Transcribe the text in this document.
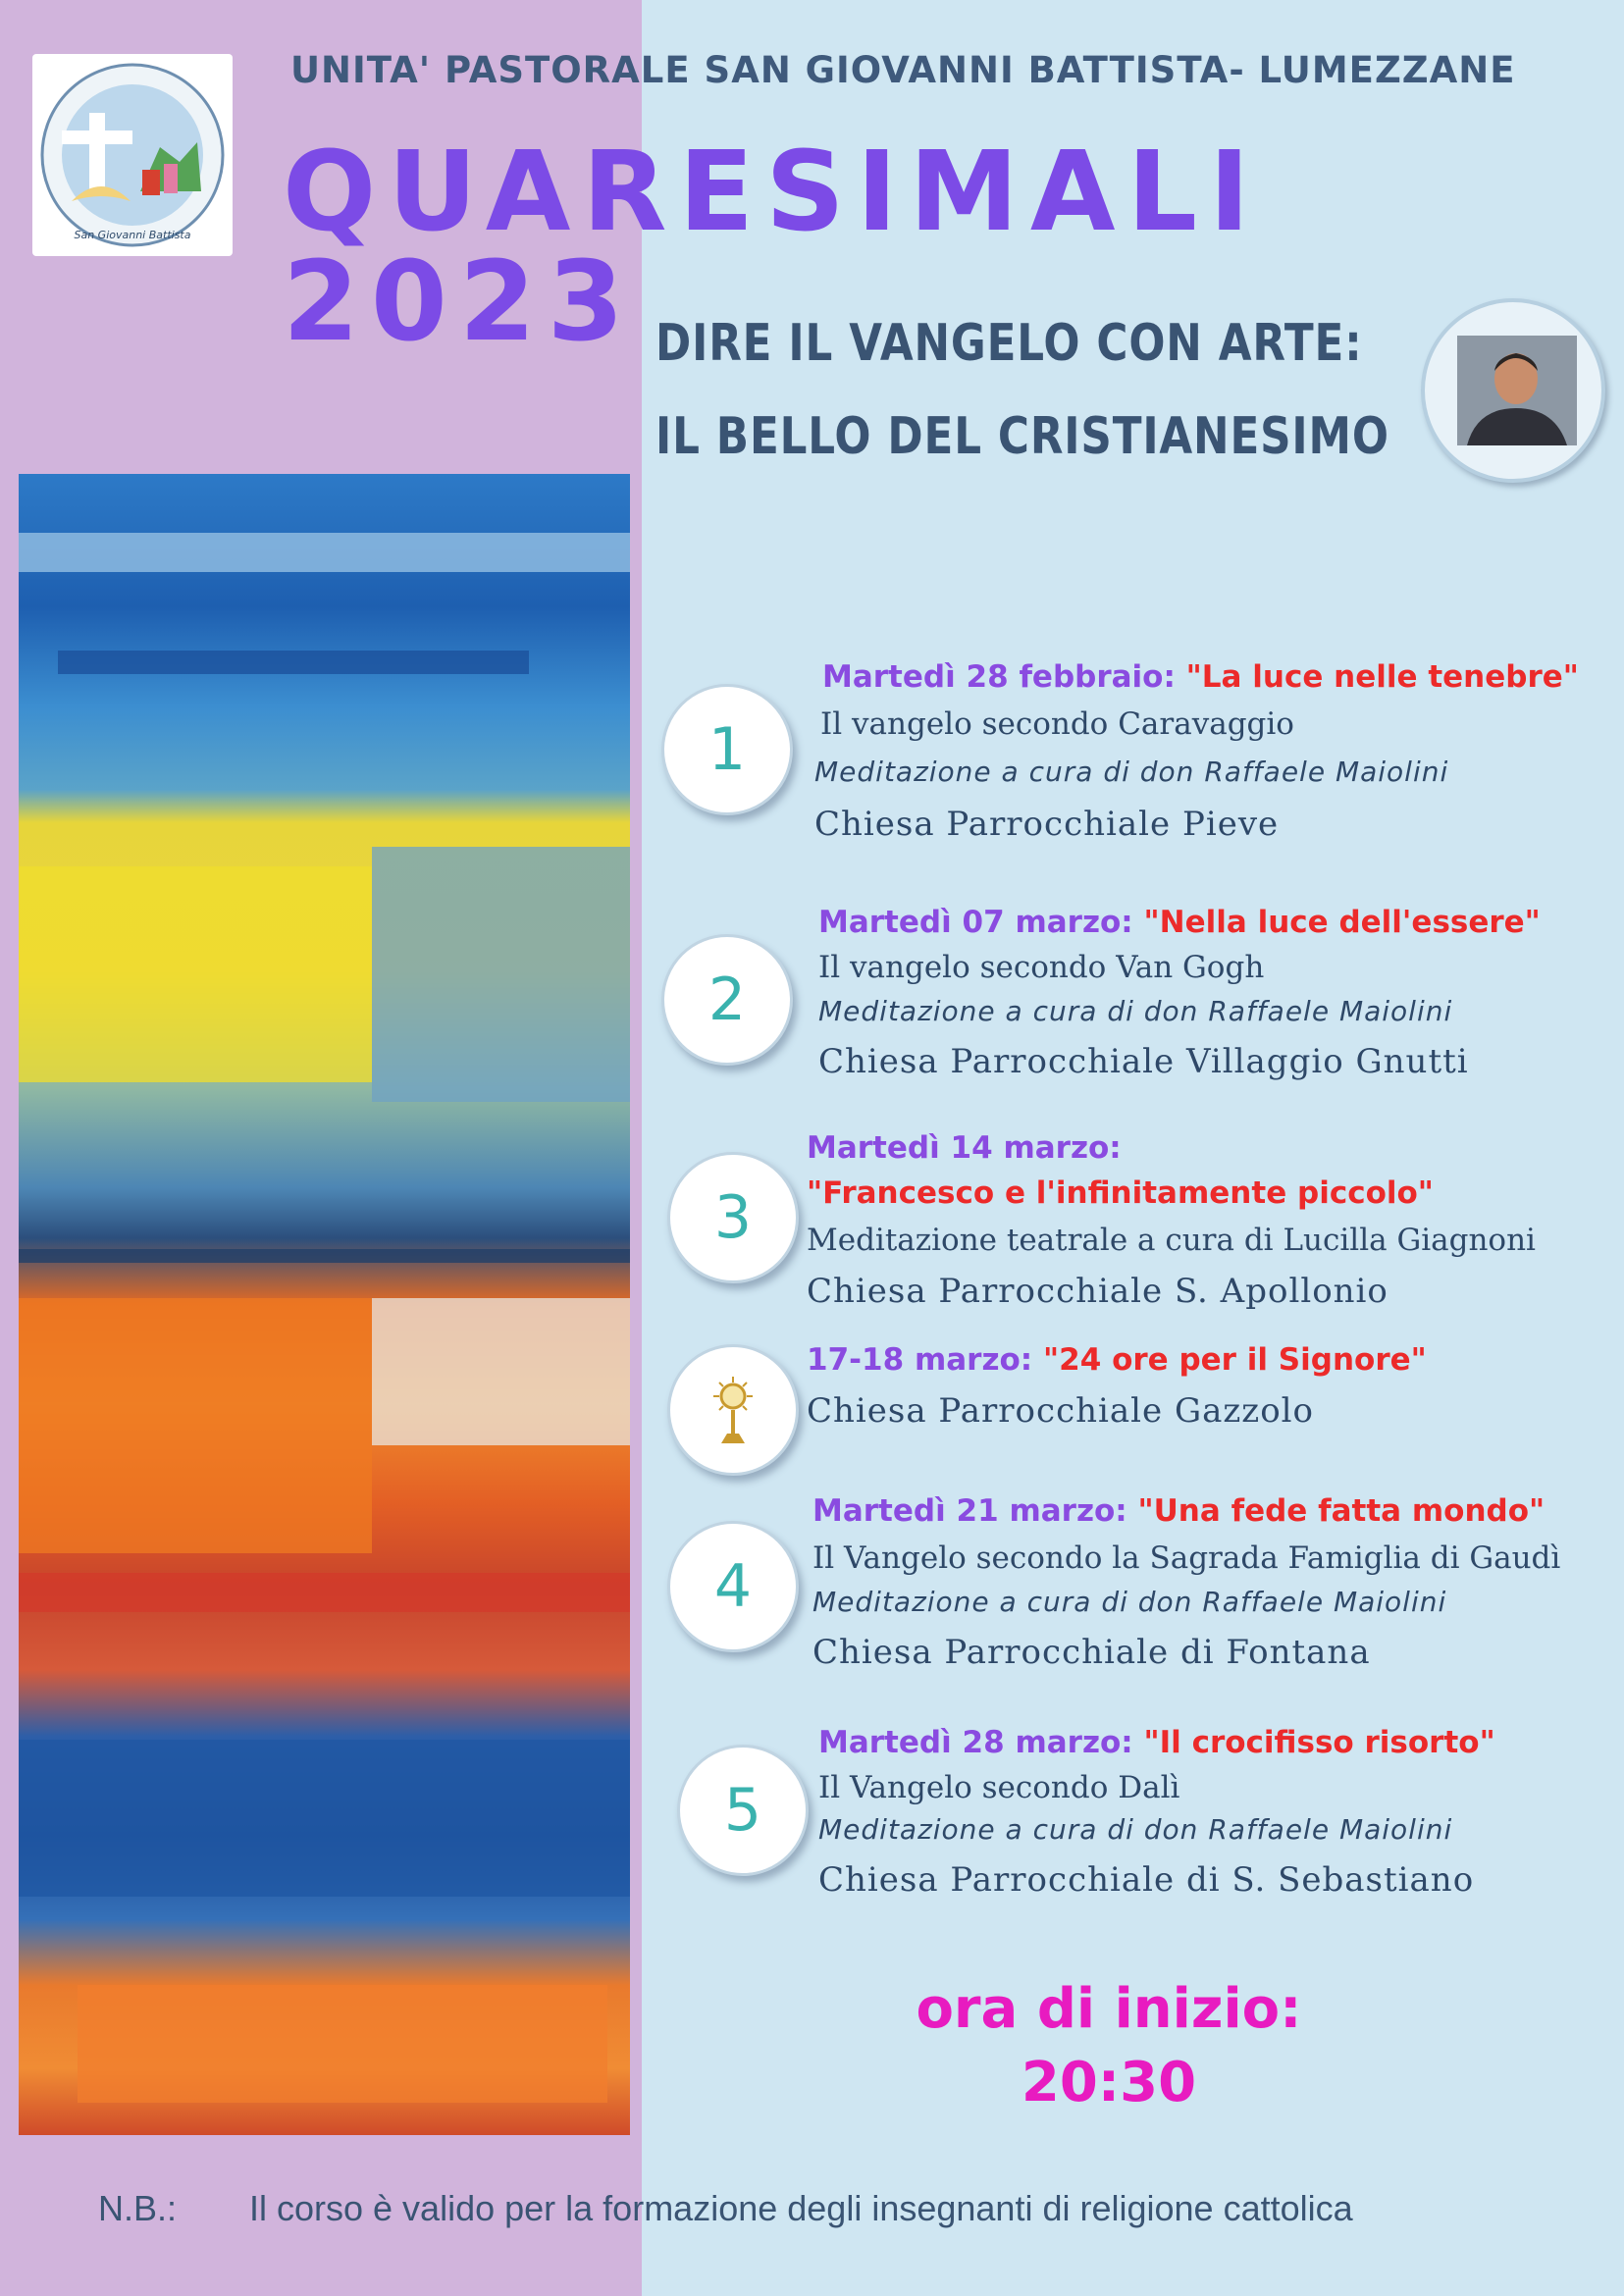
San Giovanni Battista
UNITA' PASTORALE SAN GIOVANNI BATTISTA- LUMEZZANE
QUARESIMALI 2023 DIRE IL VANGELO CON ARTE:
IL BELLO DEL CRISTIANESIMO
1
Martedì 28 febbraio: "La luce nelle tenebre"
Il vangelo secondo Caravaggio
Meditazione a cura di don Raffaele Maiolini
Chiesa Parrocchiale Pieve
2
Martedì 07 marzo: "Nella luce dell'essere"
Il vangelo secondo Van Gogh
Meditazione a cura di don Raffaele Maiolini
Chiesa Parrocchiale Villaggio Gnutti
3
Martedì 14 marzo:
"Francesco e l'infinitamente piccolo"
Meditazione teatrale a cura di Lucilla Giagnoni
Chiesa Parrocchiale S. Apollonio
17-18 marzo: "24 ore per il Signore"
Chiesa Parrocchiale Gazzolo
4
Martedì 21 marzo: "Una fede fatta mondo"
Il Vangelo secondo la Sagrada Famiglia di Gaudì
Meditazione a cura di don Raffaele Maiolini
Chiesa Parrocchiale di Fontana
5
Martedì 28 marzo: "Il crocifisso risorto"
Il Vangelo secondo Dalì
Meditazione a cura di don Raffaele Maiolini
Chiesa Parrocchiale di S. Sebastiano
ora di inizio:
20:30
N.B.: Il corso è valido per la formazione degli insegnanti di religione cattolica
